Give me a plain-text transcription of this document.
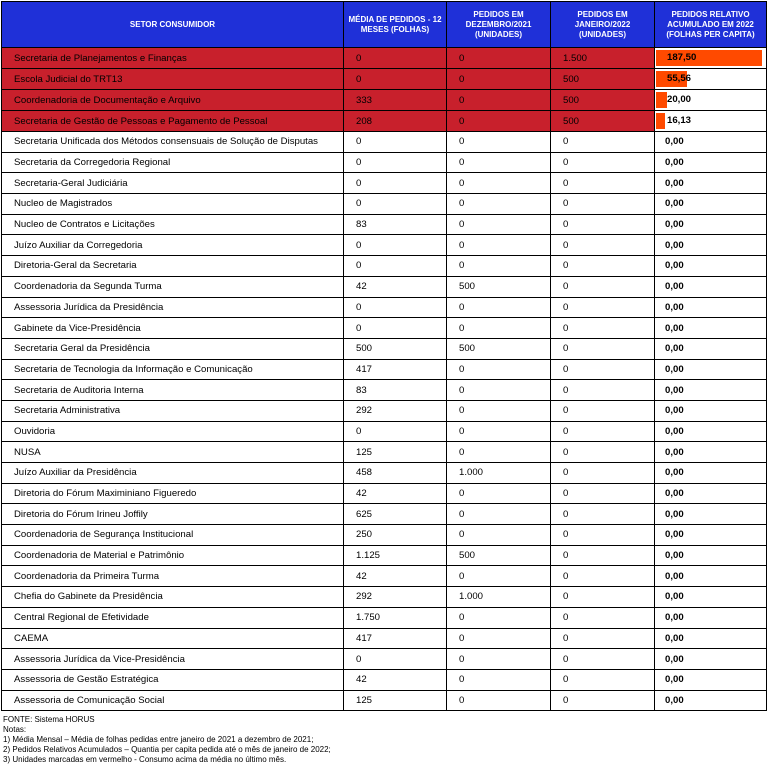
SETOR CONSUMIDOR	MÉDIA DE PEDIDOS - 12 MESES (FOLHAS)	PEDIDOS EM DEZEMBRO/2021 (UNIDADES)	PEDIDOS EM JANEIRO/2022 (UNIDADES)	PEDIDOS RELATIVO ACUMULADO EM 2022 (FOLHAS PER CAPITA)
Secretaria de Planejamentos e Finanças	0	0	1.500	187,50

Escola Judicial do TRT13	0	0	500	55,56

Coordenadoria de Documentação e Arquivo	333	0	500	20,00

Secretaria de Gestão de Pessoas e Pagamento de Pessoal	208	0	500	16,13

Secretaria Unificada dos Métodos consensuais de Solução de Disputas	0	0	0	0,00
Secretaria da Corregedoria Regional	0	0	0	0,00
Secretaria-Geral Judiciária	0	0	0	0,00
Nucleo de Magistrados	0	0	0	0,00
Nucleo de Contratos e Licitações	83	0	0	0,00
Juízo Auxiliar da Corregedoria	0	0	0	0,00
Diretoria-Geral da Secretaria	0	0	0	0,00
Coordenadoria da Segunda Turma	42	500	0	0,00
Assessoria Jurídica da Presidência	0	0	0	0,00
Gabinete da Vice-Presidência	0	0	0	0,00
Secretaria Geral da Presidência	500	500	0	0,00
Secretaria de Tecnologia da Informação e Comunicação	417	0	0	0,00
Secretaria de Auditoria Interna	83	0	0	0,00
Secretaria Administrativa	292	0	0	0,00
Ouvidoria	0	0	0	0,00
NUSA	125	0	0	0,00
Juízo Auxiliar da Presidência	458	1.000	0	0,00
Diretoria do Fórum Maximiniano Figueredo	42	0	0	0,00
Diretoria do Fórum Irineu Joffily	625	0	0	0,00
Coordenadoria de Segurança Institucional	250	0	0	0,00
Coordenadoria de Material e Patrimônio	1.125	500	0	0,00
Coordenadoria da Primeira Turma	42	0	0	0,00
Chefia do Gabinete da Presidência	292	1.000	0	0,00
Central Regional de Efetividade	1.750	0	0	0,00
CAEMA	417	0	0	0,00
Assessoria Jurídica da Vice-Presidência	0	0	0	0,00
Assessoria de Gestão Estratégica	42	0	0	0,00
Assessoria de Comunicação Social	125	0	0	0,00
FONTE: Sistema HORUS
Notas:
1) Média Mensal – Média de folhas pedidas entre janeiro de 2021 a dezembro de 2021;
2) Pedidos Relativos Acumulados – Quantia per capita pedida até o mês de janeiro de 2022;
3) Unidades marcadas em vermelho - Consumo acima da média no último mês.
